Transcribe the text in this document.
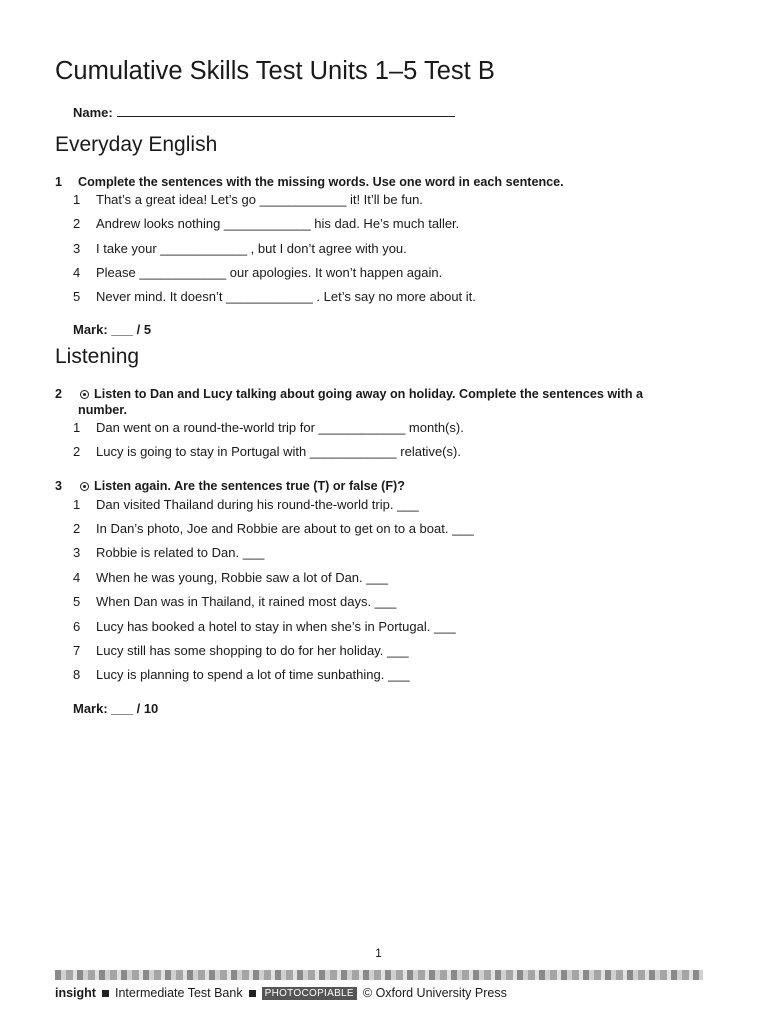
Cumulative Skills Test Units 1–5 Test B
Name:
Everyday English
1 Complete the sentences with the missing words. Use one word in each sentence.
1 That’s a great idea! Let’s go ____________ it! It’ll be fun.
2 Andrew looks nothing ____________ his dad. He’s much taller.
3 I take your ____________ , but I don’t agree with you.
4 Please ____________ our apologies. It won’t happen again.
5 Never mind. It doesn’t ____________ . Let’s say no more about it.
Mark: ___ / 5
Listening
2	Listen to Dan and Lucy talking about going away on holiday. Complete the sentences with a number.
1 Dan went on a round-the-world trip for ____________ month(s).
2 Lucy is going to stay in Portugal with ____________ relative(s).
3	Listen again. Are the sentences true (T) or false (F)?
1 Dan visited Thailand during his round-the-world trip. ___
2 In Dan’s photo, Joe and Robbie are about to get on to a boat. ___
3 Robbie is related to Dan. ___
4 When he was young, Robbie saw a lot of Dan. ___
5 When Dan was in Thailand, it rained most days. ___
6 Lucy has booked a hotel to stay in when she’s in Portugal. ___
7 Lucy still has some shopping to do for her holiday. ___
8 Lucy is planning to spend a lot of time sunbathing. ___
Mark: ___ / 10
1
insight Intermediate Test Bank	PHOTOCOPIABLE © Oxford University Press
